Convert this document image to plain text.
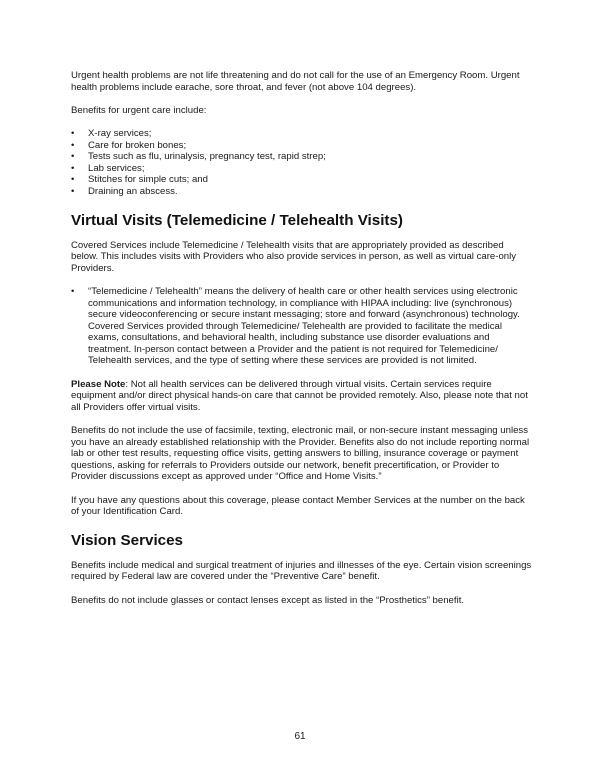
Urgent health problems are not life threatening and do not call for the use of an Emergency Room. Urgent health problems include earache, sore throat, and fever (not above 104 degrees).

Benefits for urgent care include:

• X-ray services;
• Care for broken bones;
• Tests such as flu, urinalysis, pregnancy test, rapid strep;
• Lab services;
• Stitches for simple cuts; and
• Draining an abscess.
Virtual Visits (Telemedicine / Telehealth Visits)

Covered Services include Telemedicine / Telehealth visits that are appropriately provided as described below. This includes visits with Providers who also provide services in person, as well as virtual care-only Providers.

• “Telemedicine / Telehealth” means the delivery of health care or other health services using electronic communications and information technology, in compliance with HIPAA including: live (synchronous) secure videoconferencing or secure instant messaging; store and forward (asynchronous) technology. Covered Services provided through Telemedicine/ Telehealth are provided to facilitate the medical exams, consultations, and behavioral health, including substance use disorder evaluations and treatment. In-person contact between a Provider and the patient is not required for Telemedicine/ Telehealth services, and the type of setting where these services are provided is not limited.

Please Note: Not all health services can be delivered through virtual visits. Certain services require equipment and/or direct physical hands-on care that cannot be provided remotely. Also, please note that not all Providers offer virtual visits.

Benefits do not include the use of facsimile, texting, electronic mail, or non-secure instant messaging unless you have an already established relationship with the Provider. Benefits also do not include reporting normal lab or other test results, requesting office visits, getting answers to billing, insurance coverage or payment questions, asking for referrals to Providers outside our network, benefit precertification, or Provider to Provider discussions except as approved under “Office and Home Visits.”

If you have any questions about this coverage, please contact Member Services at the number on the back of your Identification Card.

Vision Services

Benefits include medical and surgical treatment of injuries and illnesses of the eye. Certain vision screenings required by Federal law are covered under the “Preventive Care” benefit.

Benefits do not include glasses or contact lenses except as listed in the “Prosthetics” benefit.

61
